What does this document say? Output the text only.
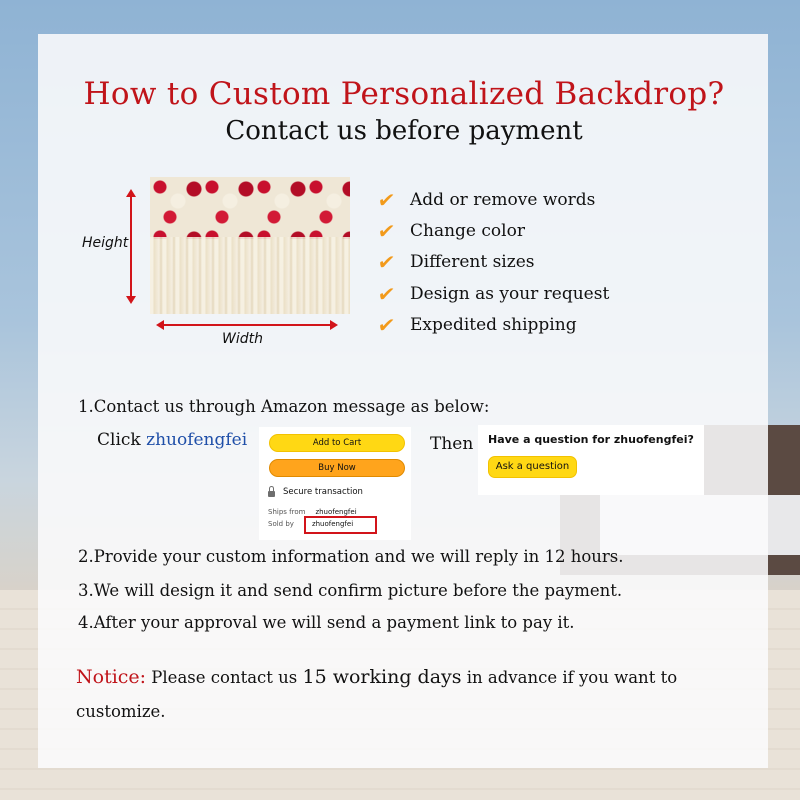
How to Custom Personalized Backdrop?
Contact us before payment
Height
Width
✔ Add or remove words
✔ Change color
✔ Different sizes
✔ Design as your request
✔ Expedited shipping

1.Contact us through Amazon message as below:

Click zhuofengfei	Add to Cart
Buy Now
Secure transaction
Ships from zhuofengfei
Sold by	zhuofengfei
Then Have a question for zhuofengfei?
Ask a question

2.Provide your custom information and we will reply in 12 hours.

3.We will design it and send confirm picture before the payment.

4.After your approval we will send a payment link to pay it.

Notice: Please contact us 15 working days in advance if you want to customize.
